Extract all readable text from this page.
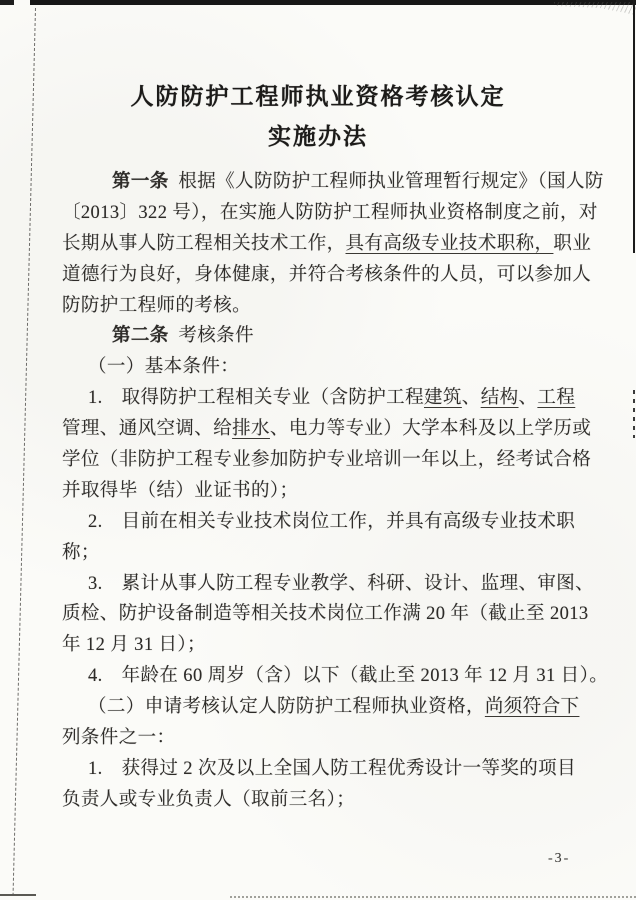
人防防护工程师执业资格考核认定
实施办法
第一条 根据《人防防护工程师执业管理暂行规定》（国人防
〔2013〕322 号），在实施人防防护工程师执业资格制度之前，对
长期从事人防工程相关技术工作，具有高级专业技术职称，职业
道德行为良好，身体健康，并符合考核条件的人员，可以参加人
防防护工程师的考核。
第二条 考核条件
（一）基本条件：
1.　取得防护工程相关专业（含防护工程建筑、结构、工程
管理、通风空调、给排水、电力等专业）大学本科及以上学历或
学位（非防护工程专业参加防护专业培训一年以上，经考试合格
并取得毕（结）业证书的）；
2.　目前在相关专业技术岗位工作，并具有高级专业技术职
称；
3.　累计从事人防工程专业教学、科研、设计、监理、审图、
质检、防护设备制造等相关技术岗位工作满 20 年（截止至 2013
年 12 月 31 日）；
4.　年龄在 60 周岁（含）以下（截止至 2013 年 12 月 31 日）。
（二）申请考核认定人防防护工程师执业资格，尚须符合下
列条件之一：
1.　获得过 2 次及以上全国人防工程优秀设计一等奖的项目
负责人或专业负责人（取前三名）；
-3-
